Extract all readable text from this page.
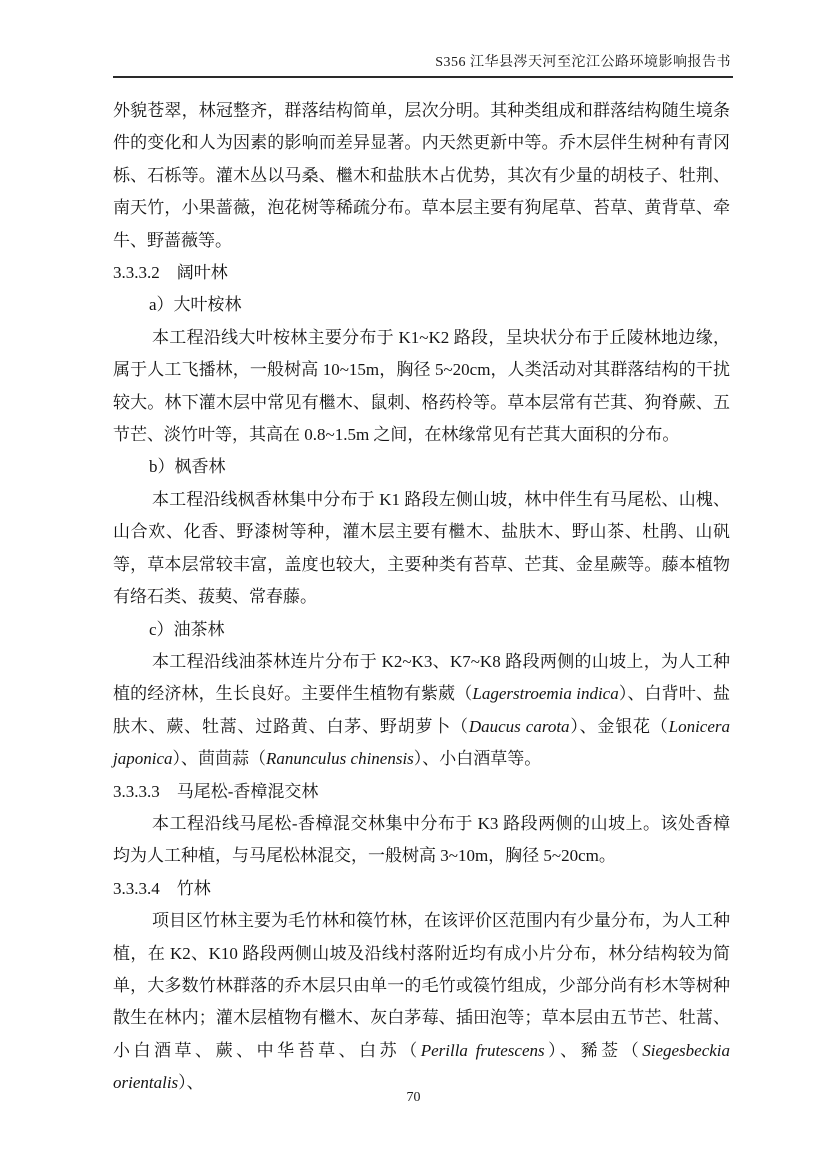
S356 江华县涔天河至沱江公路环境影响报告书

外貌苍翠，林冠整齐，群落结构简单，层次分明。其种类组成和群落结构随生境条件的变化和人为因素的影响而差异显著。内天然更新中等。乔木层伴生树种有青冈栎、石栎等。灌木丛以马桑、檵木和盐肤木占优势，其次有少量的胡枝子、牡荆、南天竹，小果蔷薇，泡花树等稀疏分布。草本层主要有狗尾草、苔草、黄背草、牵牛、野蔷薇等。

3.3.3.2　阔叶林

a）大叶桉林

本工程沿线大叶桉林主要分布于 K1~K2 路段，呈块状分布于丘陵林地边缘，属于人工飞播林，一般树高 10~15m，胸径 5~20cm，人类活动对其群落结构的干扰较大。林下灌木层中常见有檵木、鼠刺、格药柃等。草本层常有芒萁、狗脊蕨、五节芒、淡竹叶等，其高在 0.8~1.5m 之间，在林缘常见有芒萁大面积的分布。

b）枫香林

本工程沿线枫香林集中分布于 K1 路段左侧山坡，林中伴生有马尾松、山槐、山合欢、化香、野漆树等种，灌木层主要有檵木、盐肤木、野山茶、杜鹃、山矾等，草本层常较丰富，盖度也较大，主要种类有苔草、芒萁、金星蕨等。藤本植物有络石类、菝葜、常春藤。

c）油茶林

本工程沿线油茶林连片分布于 K2~K3、K7~K8 路段两侧的山坡上，为人工种植的经济林，生长良好。主要伴生植物有紫葳（Lagerstroemia indica）、白背叶、盐肤木、蕨、牡蒿、过路黄、白茅、野胡萝卜（Daucus carota）、金银花（Lonicera japonica）、茴茴蒜（Ranunculus chinensis）、小白酒草等。

3.3.3.3　马尾松-香樟混交林

本工程沿线马尾松-香樟混交林集中分布于 K3 路段两侧的山坡上。该处香樟均为人工种植，与马尾松林混交，一般树高 3~10m，胸径 5~20cm。

3.3.3.4　竹林

项目区竹林主要为毛竹林和篌竹林，在该评价区范围内有少量分布，为人工种植，在 K2、K10 路段两侧山坡及沿线村落附近均有成小片分布，林分结构较为简单，大多数竹林群落的乔木层只由单一的毛竹或篌竹组成，少部分尚有杉木等树种散生在林内；灌木层植物有檵木、灰白茅莓、插田泡等；草本层由五节芒、牡蒿、小白酒草、蕨、中华苔草、白苏（Perilla frutescens）、豨莶（Siegesbeckia orientalis）、

70
